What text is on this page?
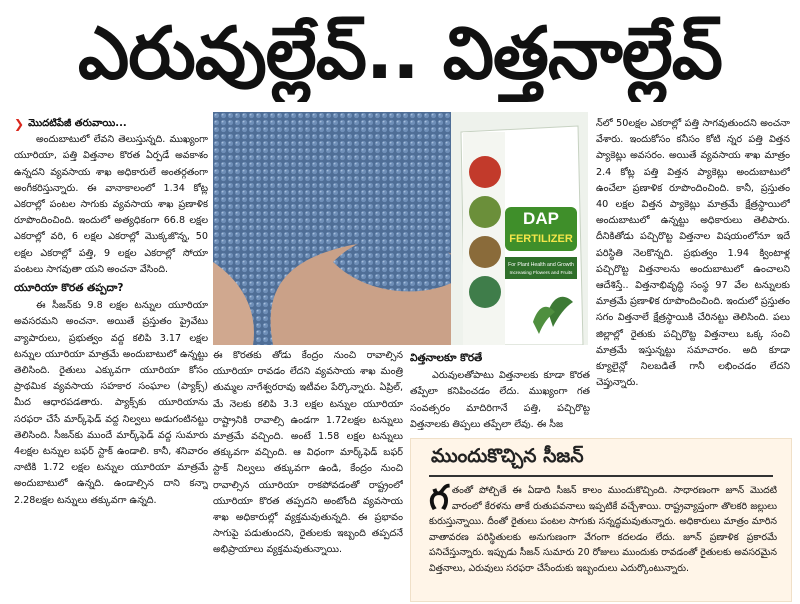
ఎరువుల్లేవ్.. విత్తనాల్లేవ్
❯ మొదటిపేజీ తరువాయి...

అందుబాటులో లేవని తెలుస్తున్నది. ముఖ్యంగా యూరియా, పత్తి విత్తనాల కొరత ఏర్పడే అవకాశం ఉన్నదని వ్యవసాయ శాఖ అధికారులే అంతర్గతంగా అంగీకరిస్తున్నారు. ఈ వానాకాలంలో 1.34 కోట్ల ఎకరాల్లో పంటల సాగుకు వ్యవసాయ శాఖ ప్రణాళిక రూపొందించింది. ఇందులో అత్యధికంగా 66.8 లక్షల ఎకరాల్లో వరి, 6 లక్షల ఎకరాల్లో మొక్కజొన్న, 50 లక్షల ఎకరాల్లో పత్తి, 9 లక్షల ఎకరాల్లో సోయా పంటలు సాగవుతా యని అంచనా వేసింది.

యూరియా కొరత తప్పదా?

ఈ సీజన్‌కు 9.8 లక్షల టన్నుల యూరియా అవసరమని అంచనా. అయితే ప్రస్తుతం ప్రైవేటు వ్యాపారులు, ప్రభుత్వం వద్ద కలిపి 3.17 లక్షల టన్నుల యూరియా మాత్రమే అందుబాటులో ఉన్నట్టు తెలిసింది. రైతులు ఎక్కువగా యూరియా కోసం ప్రాథమిక వ్యవసాయ సహకార సంఘాల (ప్యాక్స్) మీద ఆధారపడతారు. ప్యాక్స్‌కు యూరియాను సరఫరా చేసే మార్క్‌ఫెడ్ వద్ద నిల్వలు అడుగంటినట్టు తెలిసింది. సీజన్‌కు ముందే మార్క్‌ఫెడ్ వద్ద సుమారు 4లక్షల టన్నుల బఫర్ స్టాక్ ఉండాలి. కానీ, శనివారం నాటికి 1.72 లక్షల టన్నుల యూరియా మాత్రమే అందుబాటులో ఉన్నది. ఉండాల్సిన దాని కన్నా 2.28లక్షల టన్నులు తక్కువగా ఉన్నది.

DAP
FERTILIZER
For Plant Health and Growth
Increasing Flowers and Fruits

ఈ కొరతకు తోడు కేంద్రం నుంచి రావాల్సిన యూరియా రావడం లేదని వ్యవసాయ శాఖ మంత్రి తుమ్మల నాగేశ్వరరావు ఇటీవల పేర్కొన్నారు. ఏప్రిల్, మే నెలకు కలిపి 3.3 లక్షల టన్నుల యూరియా రాష్ట్రానికి రావాల్సి ఉండగా 1.72లక్షల టన్నులు మాత్రమే వచ్చింది. అంటే 1.58 లక్షల టన్నులు తక్కువగా వచ్చింది. ఆ విధంగా మార్క్‌ఫెడ్ బఫర్ స్టాక్ నిల్వలు తక్కువగా ఉండి, కేంద్రం నుంచి రావాల్సిన యూరియా రాకపోవడంతో రాష్ట్రంలో యూరియా కొరత తప్పదని అంటోంది వ్యవసాయ శాఖ అధికారుల్లో వ్యక్తమవుతున్నది. ఈ ప్రభావం సాగుపై పడుతుందని, రైతులకు ఇబ్బంది తప్పదనే అభిప్రాయాలు వ్యక్తమవుతున్నాయి.

విత్తనాలకూ కొరతే

ఎరువులతోపాటు విత్తనాలకు కూడా కొరత తప్పేలా కనిపించడం లేదు. ముఖ్యంగా గత సంవత్సరం మాదిరిగానే పత్తి, పచ్చిరొట్ట విత్తనాలకు తిప్పలు తప్పేలా లేవు. ఈ సీజ

న్‌లో 50లక్షల ఎకరాల్లో పత్తి సాగవుతుందని అంచనా వేశారు. ఇందుకోసం కనీసం కోటి న్నర పత్తి విత్తన ప్యాకెట్లు అవసరం. అయితే వ్యవసాయ శాఖ మాత్రం 2.4 కోట్ల పత్తి విత్తన ప్యాకెట్లు అందుబాటులో ఉంచేలా ప్రణాళిక రూపొందించింది. కానీ, ప్రస్తుతం 40 లక్షల విత్తన ప్యాకెట్లు మాత్రమే క్షేత్రస్థాయిలో అందుబాటులో ఉన్నట్టు అధికారులు తెలిపారు. దీనికితోడు పచ్చిరొట్ట విత్తనాల విషయంలోనూ ఇదే పరిస్థితి నెలకొన్నది. ప్రభుత్వం 1.94 క్వింటాళ్ల పచ్చిరొట్ట విత్తనాలను అందుబాటులో ఉంచాలని ఆదేశిస్తే.. విత్తనాభివృద్ధి సంస్థ 97 వేల టన్నులకు మాత్రమే ప్రణాళిక రూపొందించింది. ఇందులో ప్రస్తుతం సగం విత్తనాలే క్షేత్రస్థాయికి చేరినట్టు తెలిసింది. పలు జిల్లాల్లో రైతుకు పచ్చిరొట్ట విత్తనాలు ఒక్క సంచి మాత్రమే ఇస్తున్నట్టు సమాచారం. అది కూడా క్యూలైన్లో నిలబడితే గానీ లభించడం లేదని చెప్తున్నారు.

ముందుకొచ్చిన సీజన్
గ తంతో పోల్చితే ఈ ఏడాది సీజన్ కాలం ముందుకొచ్చింది. సాధారణంగా జూన్ మొదటి వారంలో కేరళను తాకే రుతుపవనాలు ఇప్పటికే వచ్చేశాయి. రాష్ట్రవ్యాప్తంగా తొలకరి జల్లులు కురుస్తున్నాయి. దీంతో రైతులు పంటల సాగుకు సన్నద్ధమవుతున్నారు. అధికారులు మాత్రం మారిన వాతావరణ పరిస్థితులకు అనుగుణంగా వేగంగా కదలడం లేదు. జూన్ ప్రణాళిక ప్రకారమే పనిచేస్తున్నారు. ఇప్పుడు సీజన్ సుమారు 20 రోజులు ముందుకు రావడంతో రైతులకు అవసరమైన విత్తనాలు, ఎరువులు సరఫరా చేసేందుకు ఇబ్బందులు ఎదుర్కొంటున్నారు.
